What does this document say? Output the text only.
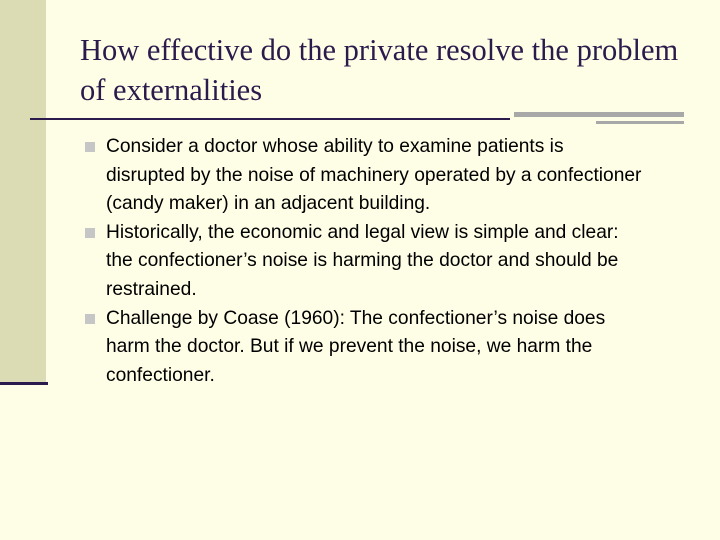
How effective do the private resolve the problem of externalities
Consider a doctor whose ability to examine patients is disrupted by the noise of machinery operated by a confectioner (candy maker) in an adjacent building.
Historically, the economic and legal view is simple and clear: the confectioner’s noise is harming the doctor and should be restrained.
Challenge by Coase (1960): The confectioner’s noise does harm the doctor. But if we prevent the noise, we harm the confectioner.
